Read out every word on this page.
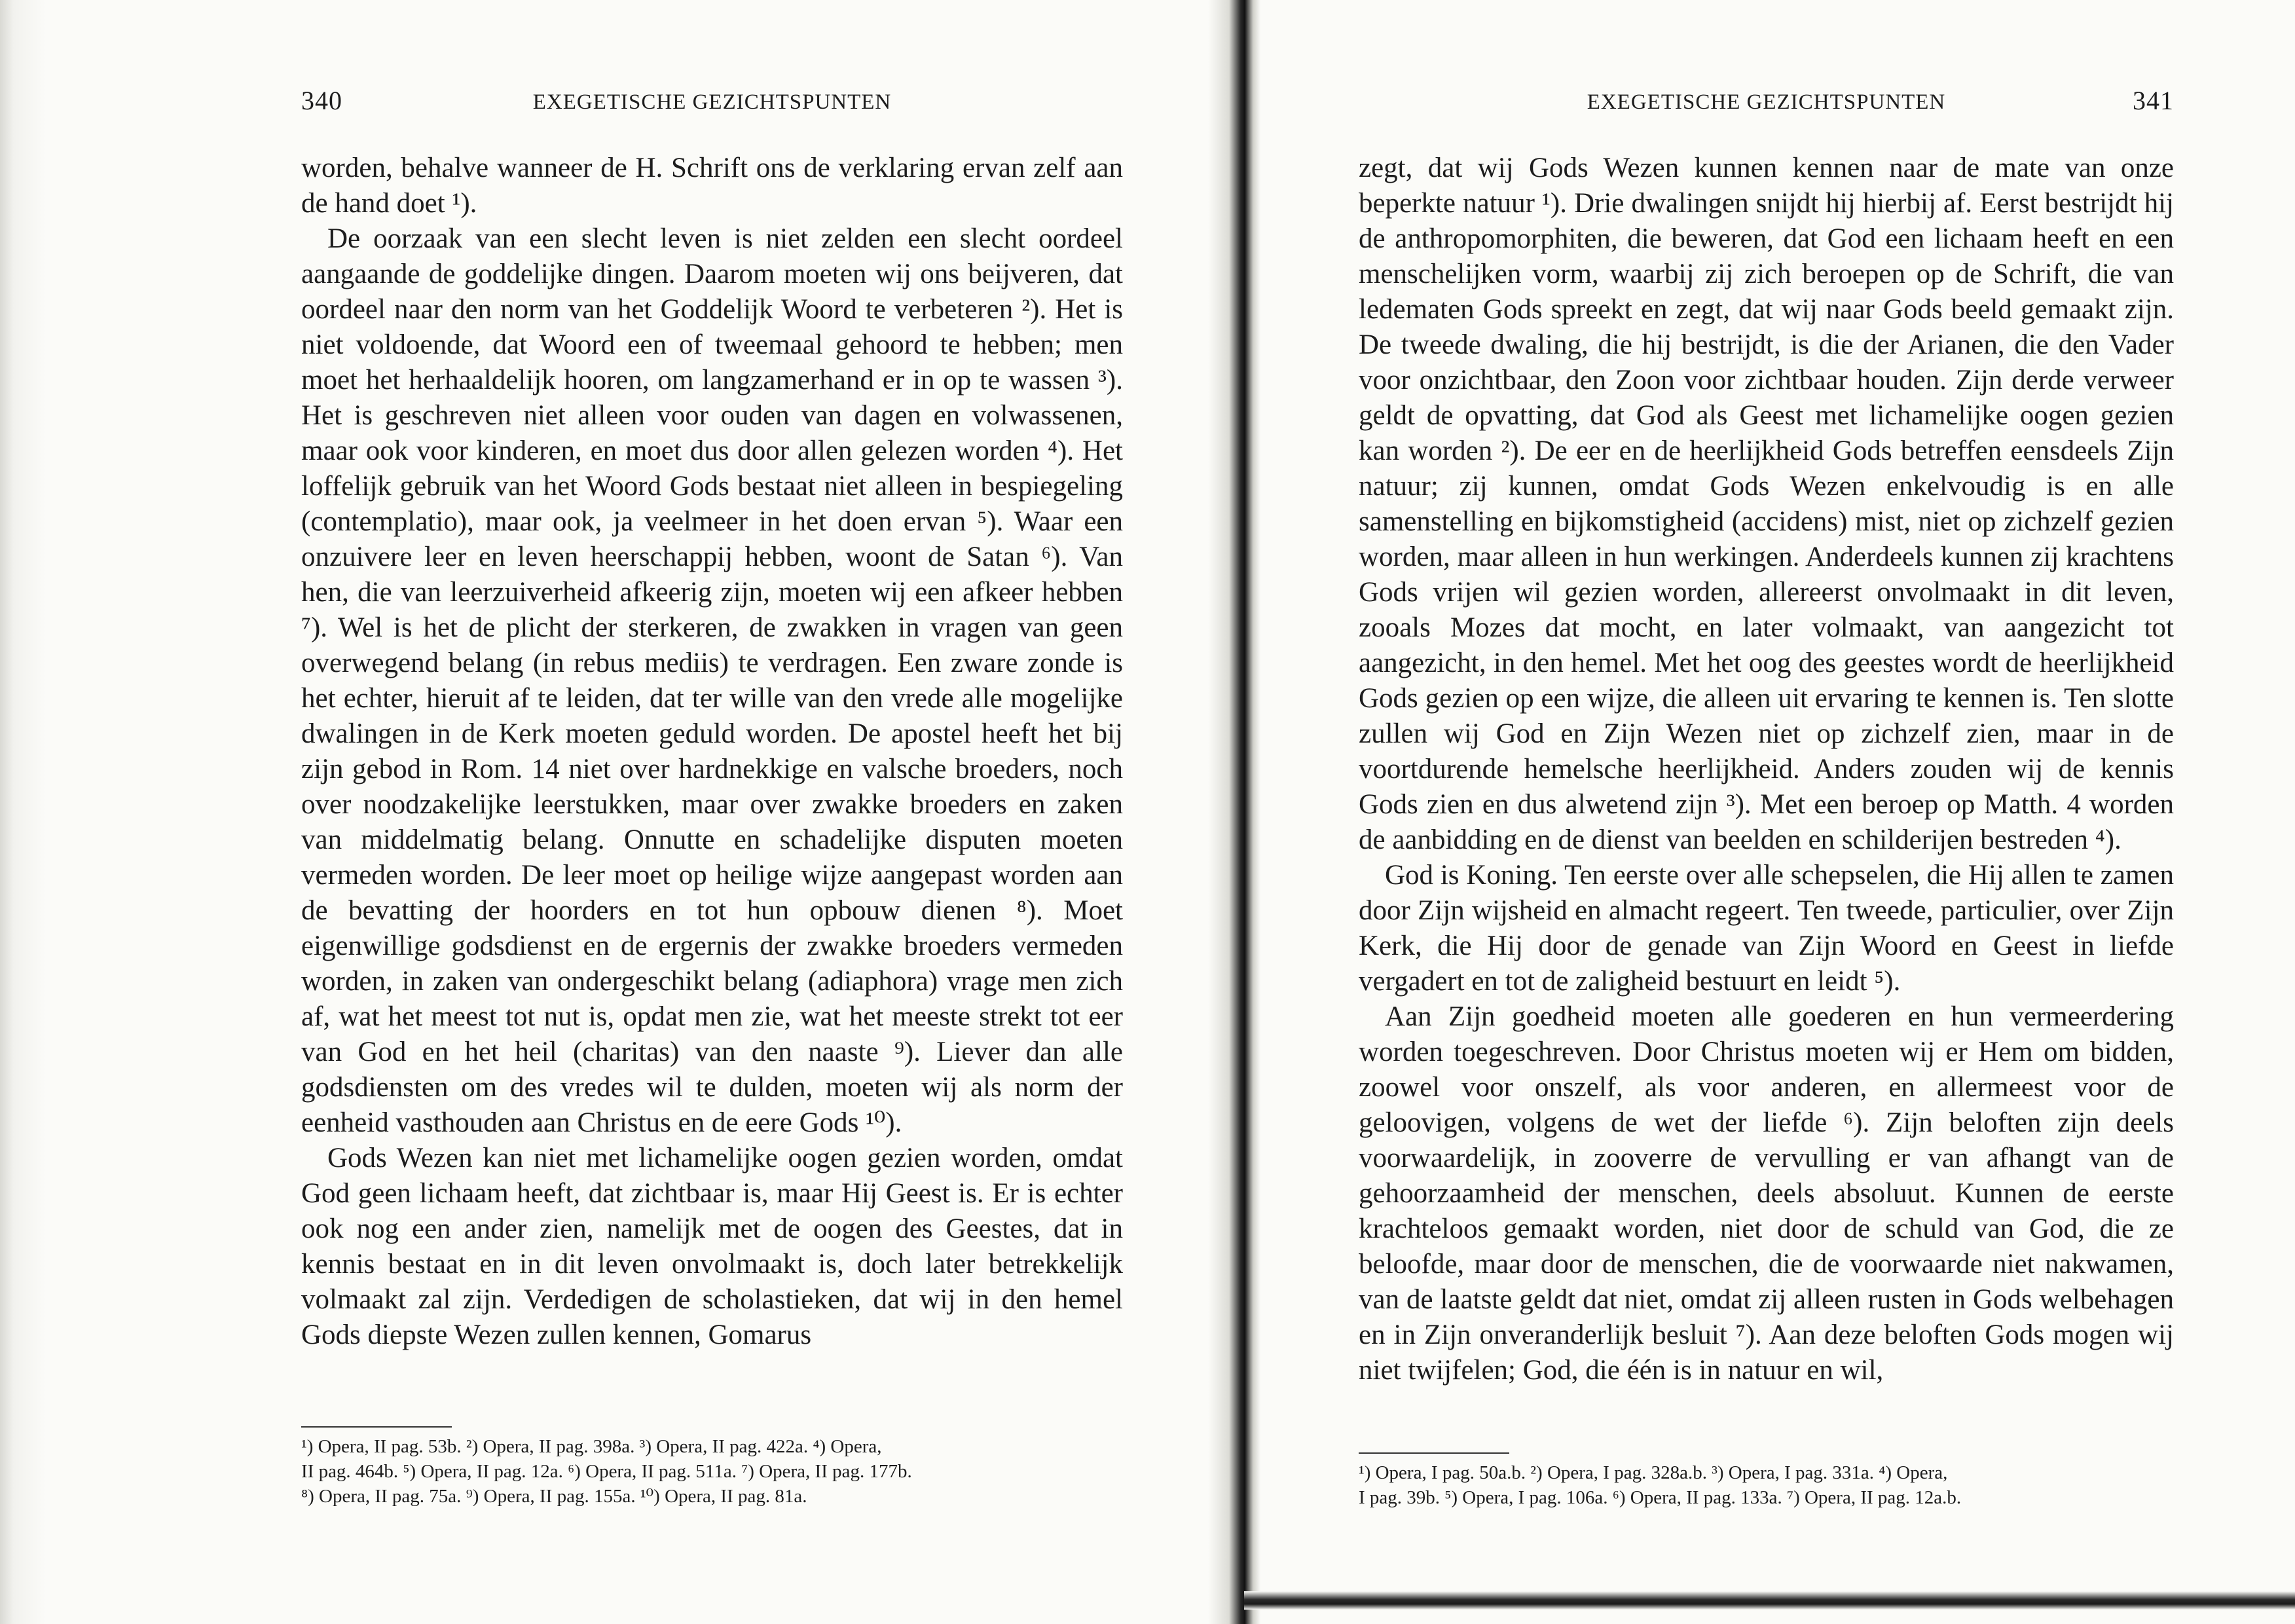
340	EXEGETISCHE GEZICHTSPUNTEN

worden, behalve wanneer de H. Schrift ons de verklaring ervan zelf aan de hand doet ¹).

De oorzaak van een slecht leven is niet zelden een slecht oordeel aangaande de goddelijke dingen. Daarom moeten wij ons beijveren, dat oordeel naar den norm van het Goddelijk Woord te verbeteren ²). Het is niet voldoende, dat Woord een of tweemaal gehoord te hebben; men moet het herhaaldelijk hooren, om langzamerhand er in op te wassen ³). Het is geschreven niet alleen voor ouden van dagen en volwassenen, maar ook voor kinderen, en moet dus door allen gelezen worden ⁴). Het loffelijk gebruik van het Woord Gods bestaat niet alleen in bespiegeling (contemplatio), maar ook, ja veelmeer in het doen ervan ⁵). Waar een onzuivere leer en leven heerschappij hebben, woont de Satan ⁶). Van hen, die van leerzuiverheid afkeerig zijn, moeten wij een afkeer hebben ⁷). Wel is het de plicht der sterkeren, de zwakken in vragen van geen overwegend belang (in rebus mediis) te verdragen. Een zware zonde is het echter, hieruit af te leiden, dat ter wille van den vrede alle mogelijke dwalingen in de Kerk moeten geduld worden. De apostel heeft het bij zijn gebod in Rom. 14 niet over hardnekkige en valsche broeders, noch over noodzakelijke leerstukken, maar over zwakke broeders en zaken van middelmatig belang. Onnutte en schadelijke disputen moeten vermeden worden. De leer moet op heilige wijze aangepast worden aan de bevatting der hoorders en tot hun opbouw dienen ⁸). Moet eigenwillige godsdienst en de ergernis der zwakke broeders vermeden worden, in zaken van ondergeschikt belang (adiaphora) vrage men zich af, wat het meest tot nut is, opdat men zie, wat het meeste strekt tot eer van God en het heil (charitas) van den naaste ⁹). Liever dan alle godsdiensten om des vredes wil te dulden, moeten wij als norm der eenheid vasthouden aan Christus en de eere Gods ¹⁰).

Gods Wezen kan niet met lichamelijke oogen gezien worden, omdat God geen lichaam heeft, dat zichtbaar is, maar Hij Geest is. Er is echter ook nog een ander zien, namelijk met de oogen des Geestes, dat in kennis bestaat en in dit leven onvolmaakt is, doch later betrekkelijk volmaakt zal zijn. Verdedigen de scholastieken, dat wij in den hemel Gods diepste Wezen zullen kennen, Gomarus

¹) Opera, II pag. 53b. ²) Opera, II pag. 398a. ³) Opera, II pag. 422a. ⁴) Opera,
II pag. 464b. ⁵) Opera, II pag. 12a. ⁶) Opera, II pag. 511a. ⁷) Opera, II pag. 177b.
⁸) Opera, II pag. 75a. ⁹) Opera, II pag. 155a. ¹⁰) Opera, II pag. 81a.
EXEGETISCHE GEZICHTSPUNTEN	341

zegt, dat wij Gods Wezen kunnen kennen naar de mate van onze beperkte natuur ¹). Drie dwalingen snijdt hij hierbij af. Eerst bestrijdt hij de anthropomorphiten, die beweren, dat God een lichaam heeft en een menschelijken vorm, waarbij zij zich beroepen op de Schrift, die van ledematen Gods spreekt en zegt, dat wij naar Gods beeld gemaakt zijn. De tweede dwaling, die hij bestrijdt, is die der Arianen, die den Vader voor onzichtbaar, den Zoon voor zichtbaar houden. Zijn derde verweer geldt de opvatting, dat God als Geest met lichamelijke oogen gezien kan worden ²). De eer en de heerlijkheid Gods betreffen eensdeels Zijn natuur; zij kunnen, omdat Gods Wezen enkelvoudig is en alle samenstelling en bijkomstigheid (accidens) mist, niet op zichzelf gezien worden, maar alleen in hun werkingen. Anderdeels kunnen zij krachtens Gods vrijen wil gezien worden, allereerst onvolmaakt in dit leven, zooals Mozes dat mocht, en later volmaakt, van aangezicht tot aangezicht, in den hemel. Met het oog des geestes wordt de heerlijkheid Gods gezien op een wijze, die alleen uit ervaring te kennen is. Ten slotte zullen wij God en Zijn Wezen niet op zichzelf zien, maar in de voortdurende hemelsche heerlijkheid. Anders zouden wij de kennis Gods zien en dus alwetend zijn ³). Met een beroep op Matth. 4 worden de aanbidding en de dienst van beelden en schilderijen bestreden ⁴).

God is Koning. Ten eerste over alle schepselen, die Hij allen te zamen door Zijn wijsheid en almacht regeert. Ten tweede, particulier, over Zijn Kerk, die Hij door de genade van Zijn Woord en Geest in liefde vergadert en tot de zaligheid bestuurt en leidt ⁵).

Aan Zijn goedheid moeten alle goederen en hun vermeerdering worden toegeschreven. Door Christus moeten wij er Hem om bidden, zoowel voor onszelf, als voor anderen, en allermeest voor de geloovigen, volgens de wet der liefde ⁶). Zijn beloften zijn deels voorwaardelijk, in zooverre de vervulling er van afhangt van de gehoorzaamheid der menschen, deels absoluut. Kunnen de eerste krachteloos gemaakt worden, niet door de schuld van God, die ze beloofde, maar door de menschen, die de voorwaarde niet nakwamen, van de laatste geldt dat niet, omdat zij alleen rusten in Gods welbehagen en in Zijn onveranderlijk besluit ⁷). Aan deze beloften Gods mogen wij niet twijfelen; God, die één is in natuur en wil,

¹) Opera, I pag. 50a.b. ²) Opera, I pag. 328a.b. ³) Opera, I pag. 331a. ⁴) Opera,
I pag. 39b. ⁵) Opera, I pag. 106a. ⁶) Opera, II pag. 133a. ⁷) Opera, II pag. 12a.b.
